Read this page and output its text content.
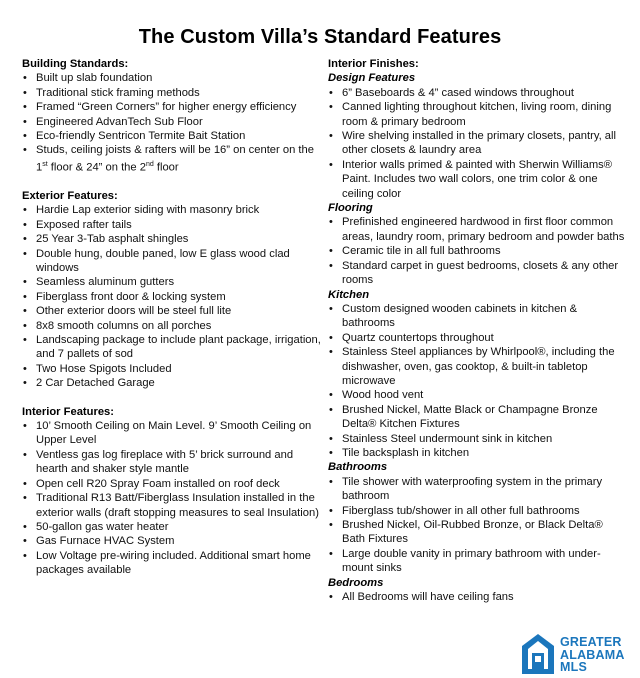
The Custom Villa’s Standard Features
Building Standards:
• Built up slab foundation
• Traditional stick framing methods
• Framed “Green Corners” for higher energy efficiency
• Engineered AdvanTech Sub Floor
• Eco-friendly Sentricon Termite Bait Station
• Studs, ceiling joists & rafters will be 16” on center on the 1st floor & 24” on the 2nd floor
Exterior Features:
• Hardie Lap exterior siding with masonry brick
• Exposed rafter tails
• 25 Year 3-Tab asphalt shingles
• Double hung, double paned, low E glass wood clad windows
• Seamless aluminum gutters
• Fiberglass front door & locking system
• Other exterior doors will be steel full lite
• 8x8 smooth columns on all porches
• Landscaping package to include plant package, irrigation, and 7 pallets of sod
• Two Hose Spigots Included
• 2 Car Detached Garage
Interior Features:
• 10’ Smooth Ceiling on Main Level. 9’ Smooth Ceiling on Upper Level
• Ventless gas log fireplace with 5’ brick surround and hearth and shaker style mantle
• Open cell R20 Spray Foam installed on roof deck
• Traditional R13 Batt/Fiberglass Insulation installed in the exterior walls (draft stopping measures to seal Insulation)
• 50-gallon gas water heater
• Gas Furnace HVAC System
• Low Voltage pre-wiring included. Additional smart home packages available
Interior Finishes:
Design Features
• 6” Baseboards & 4” cased windows throughout
• Canned lighting throughout kitchen, living room, dining room & primary bedroom
• Wire shelving installed in the primary closets, pantry, all other closets & laundry area
• Interior walls primed & painted with Sherwin Williams® Paint. Includes two wall colors, one trim color & one ceiling color
Flooring
• Prefinished engineered hardwood in first floor common areas, laundry room, primary bedroom and powder baths
• Ceramic tile in all full bathrooms
• Standard carpet in guest bedrooms, closets & any other rooms
Kitchen
• Custom designed wooden cabinets in kitchen & bathrooms
• Quartz countertops throughout
• Stainless Steel appliances by Whirlpool®, including the dishwasher, oven, gas cooktop, & built-in tabletop microwave
• Wood hood vent
• Brushed Nickel, Matte Black or Champagne Bronze Delta® Kitchen Fixtures
• Stainless Steel undermount sink in kitchen
• Tile backsplash in kitchen
Bathrooms
• Tile shower with waterproofing system in the primary bathroom
• Fiberglass tub/shower in all other full bathrooms
• Brushed Nickel, Oil-Rubbed Bronze, or Black Delta® Bath Fixtures
• Large double vanity in primary bathroom with under-mount sinks
Bedrooms
• All Bedrooms will have ceiling fans
GREATER
ALABAMA
MLS
